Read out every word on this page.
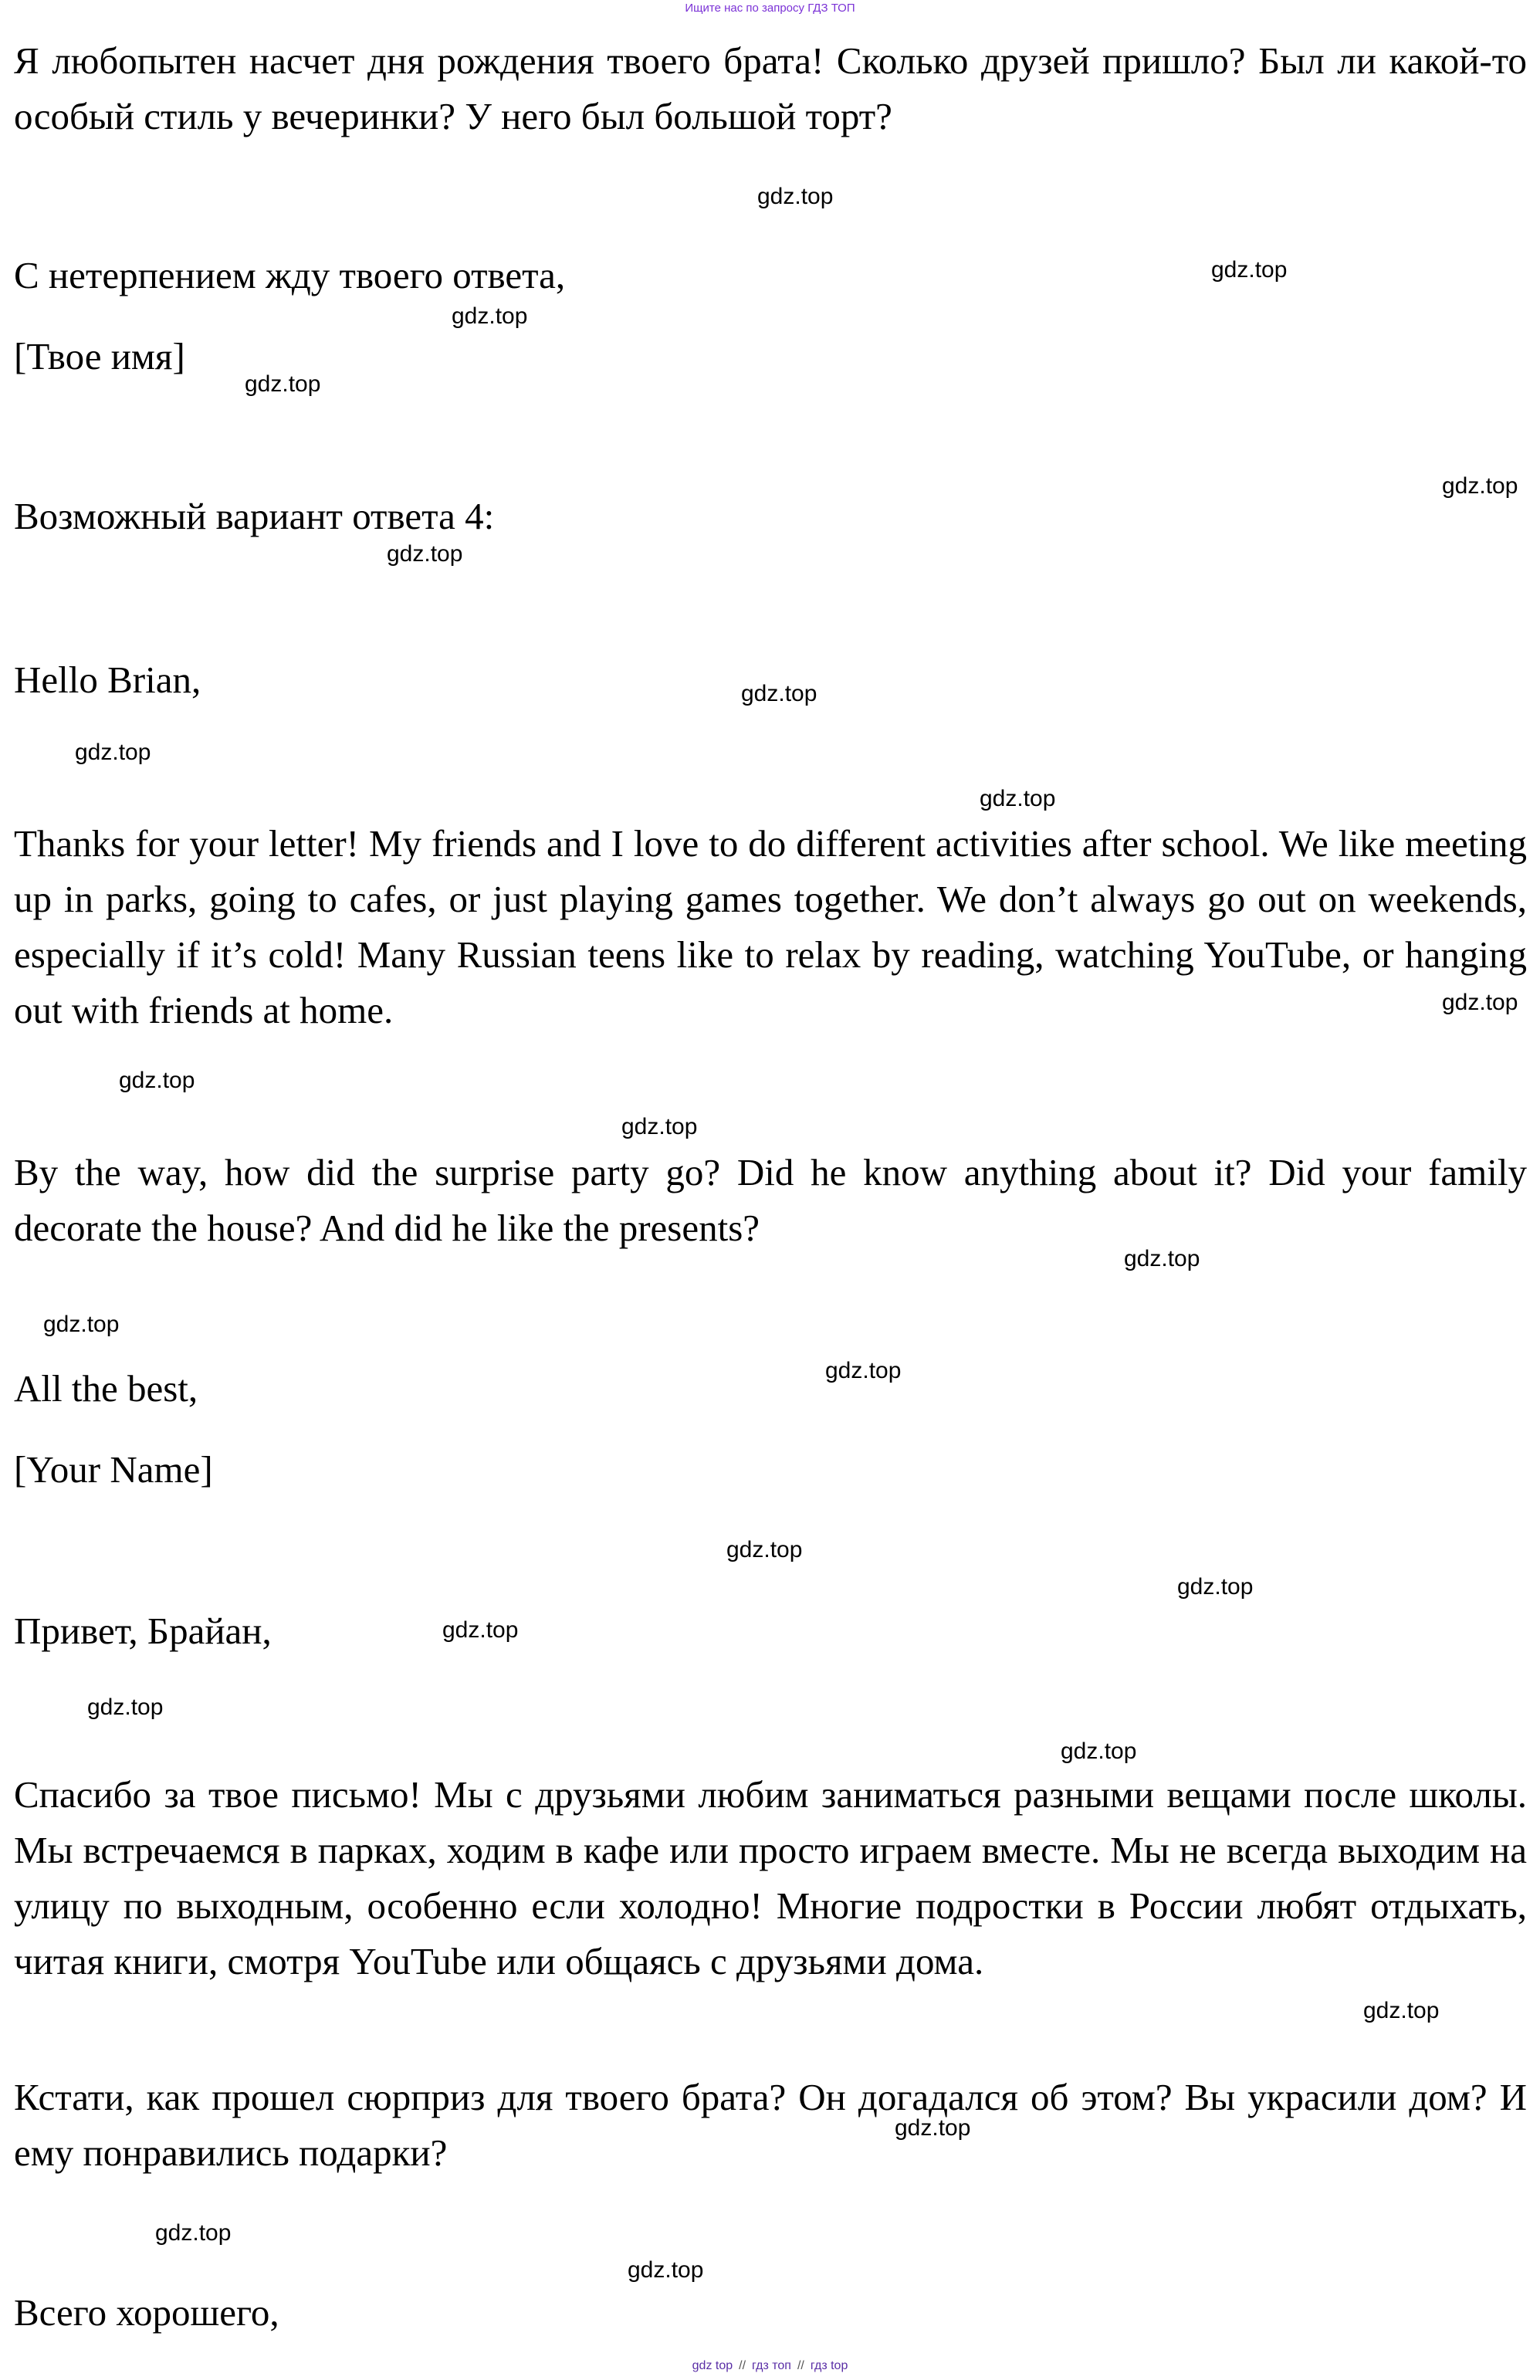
Ищите нас по запросу ГДЗ ТОП

Я любопытен насчет дня рождения твоего брата! Сколько друзей пришло? Был ли какой-то особый стиль у вечеринки? У него был большой торт?

С нетерпением жду твоего ответа,

[Твое имя]

Возможный вариант ответа 4:

Hello Brian,

Thanks for your letter! My friends and I love to do different activities after school. We like meeting up in parks, going to cafes, or just playing games together. We don’t always go out on weekends, especially if it’s cold! Many Russian teens like to relax by reading, watching YouTube, or hanging out with friends at home.

By the way, how did the surprise party go? Did he know anything about it? Did your family decorate the house? And did he like the presents?

All the best,

[Your Name]

Привет, Брайан,

Спасибо за твое письмо! Мы с друзьями любим заниматься разными вещами после школы. Мы встречаемся в парках, ходим в кафе или просто играем вместе. Мы не всегда выходим на улицу по выходным, особенно если холодно! Многие подростки в России любят отдыхать, читая книги, смотря YouTube или общаясь с друзьями дома.

Кстати, как прошел сюрприз для твоего брата? Он догадался об этом? Вы украсили дом? И ему понравились подарки?

Всего хорошего,

gdz.top
gdz.top
gdz.top
gdz.top
gdz.top
gdz.top
gdz.top
gdz.top
gdz.top
gdz.top
gdz.top
gdz.top
gdz.top
gdz.top
gdz.top
gdz.top
gdz.top
gdz.top
gdz.top
gdz.top
gdz.top
gdz.top
gdz.top
gdz.top
gdz top // гдз топ // гдз top
